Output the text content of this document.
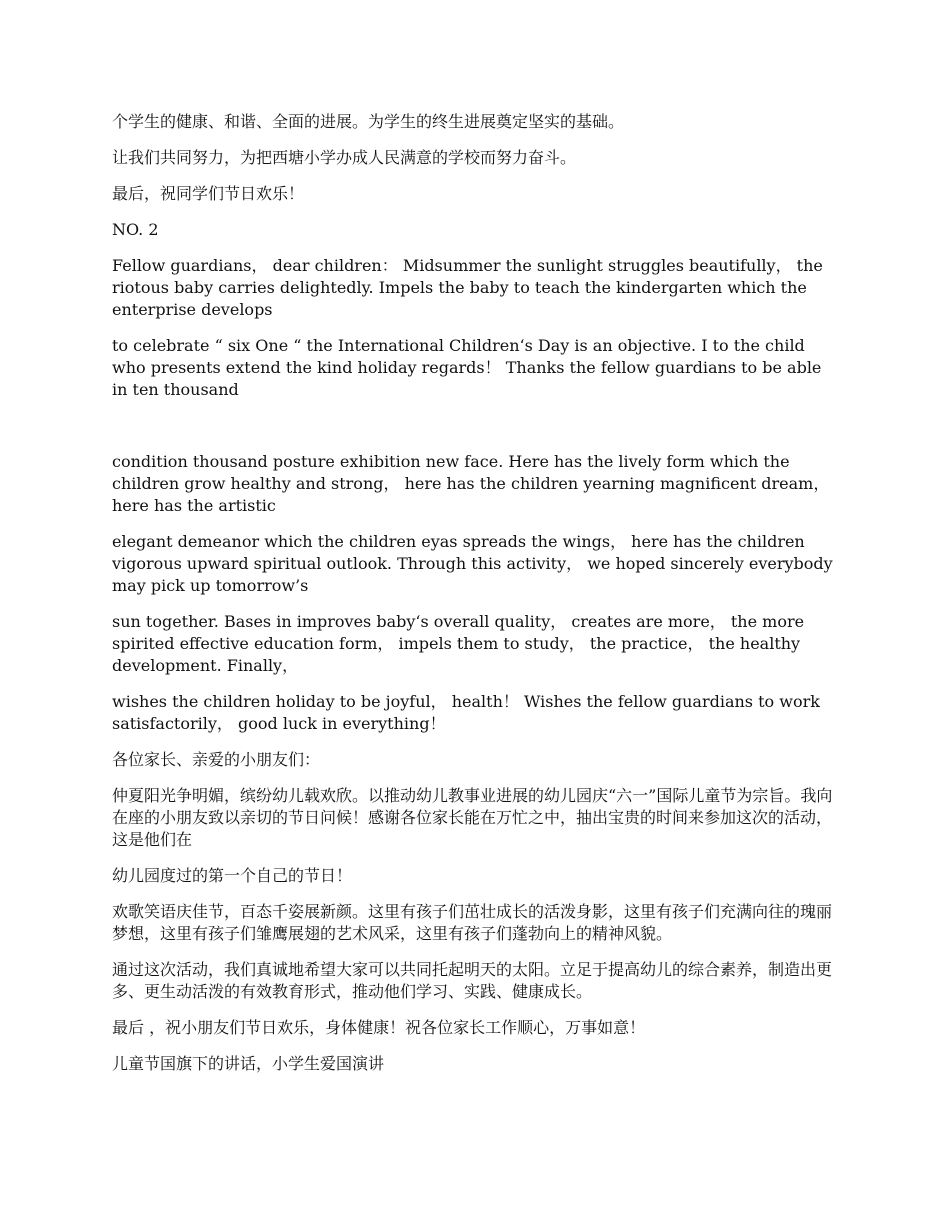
个学生的健康、和谐、全面的进展。为学生的终生进展奠定坚实的基础。

让我们共同努力，为把西塘小学办成人民满意的学校而努力奋斗。

最后，祝同学们节日欢乐！

NO. 2

Fellow guardians， dear children： Midsummer the sunlight struggles beautifully， the riotous baby carries delightedly. Impels the baby to teach the kindergarten which the enterprise develops

to celebrate “ six One “ the International Children‘s Day is an objective. I to the child who presents extend the kind holiday regards！ Thanks the fellow guardians to be able in ten thousand

condition thousand posture exhibition new face. Here has the lively form which the children grow healthy and strong， here has the children yearning magnificent dream， here has the artistic

elegant demeanor which the children eyas spreads the wings， here has the children vigorous upward spiritual outlook. Through this activity， we hoped sincerely everybody may pick up tomorrow’s

sun together. Bases in improves baby‘s overall quality， creates are more， the more spirited effective education form， impels them to study， the practice， the healthy development. Finally，

wishes the children holiday to be joyful， health！ Wishes the fellow guardians to work satisfactorily， good luck in everything！

各位家长、亲爱的小朋友们：

仲夏阳光争明媚，缤纷幼儿载欢欣。以推动幼儿教事业进展的幼儿园庆“六一”国际儿童节为宗旨。我向在座的小朋友致以亲切的节日问候！感谢各位家长能在万忙之中，抽出宝贵的时间来参加这次的活动，这是他们在

幼儿园度过的第一个自己的节日！

欢歌笑语庆佳节，百态千姿展新颜。这里有孩子们茁壮成长的活泼身影，这里有孩子们充满向往的瑰丽梦想，这里有孩子们雏鹰展翅的艺术风采，这里有孩子们蓬勃向上的精神风貌。

通过这次活动，我们真诚地希望大家可以共同托起明天的太阳。立足于提高幼儿的综合素养，制造出更多、更生动活泼的有效教育形式，推动他们学习、实践、健康成长。

最后 ，祝小朋友们节日欢乐，身体健康！祝各位家长工作顺心，万事如意！

儿童节国旗下的讲话，小学生爱国演讲
